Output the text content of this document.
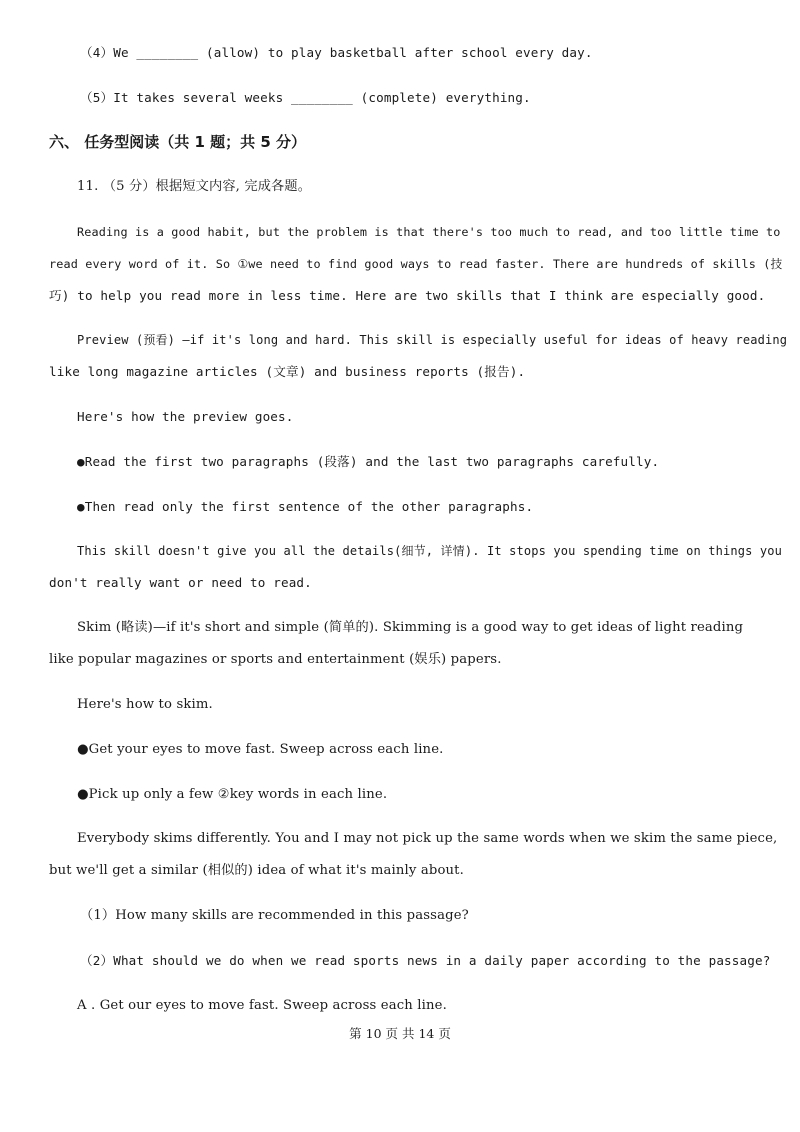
（4）We ________ (allow) to play basketball after school every day.
（5）It takes several weeks ________ (complete) everything.
六、 任务型阅读（共 1 题；共 5 分）
11. （5 分）根据短文内容, 完成各题。
Reading is a good habit, but the problem is that there's too much to read, and too little time to
read every word of it. So ①we need to find good ways to read faster. There are hundreds of skills (技
巧) to help you read more in less time. Here are two skills that I think are especially good.
Preview (预看) —if it's long and hard. This skill is especially useful for ideas of heavy reading
like long magazine articles (文章) and business reports (报告).
Here's how the preview goes.
●Read the first two paragraphs (段落) and the last two paragraphs carefully.
●Then read only the first sentence of the other paragraphs.
This skill doesn't give you all the details(细节, 详情). It stops you spending time on things you
don't really want or need to read.
Skim (略读)—if it's short and simple (简单的). Skimming is a good way to get ideas of light reading
like popular magazines or sports and entertainment (娱乐) papers.
Here's how to skim.
●Get your eyes to move fast. Sweep across each line.
●Pick up only a few ②key words in each line.
Everybody skims differently. You and I may not pick up the same words when we skim the same piece,
but we'll get a similar (相似的) idea of what it's mainly about.
（1）How many skills are recommended in this passage?
（2）What should we do when we read sports news in a daily paper according to the passage?
A . Get our eyes to move fast. Sweep across each line.
第 10 页 共 14 页
